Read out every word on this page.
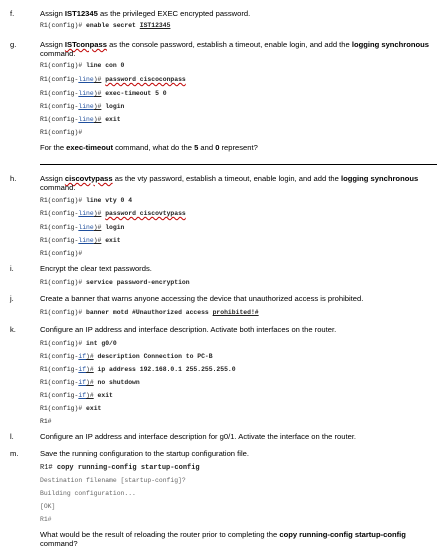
f.	Assign IST12345 as the privileged EXEC encrypted password.
R1(config)# enable secret IST12345
g.	Assign ISTconpass as the console password, establish a timeout, enable login, and add the logging synchronous command.
R1(config)# line con 0
R1(config-line)# password ciscoconpass
R1(config-line)# exec-timeout 5 0
R1(config-line)# login
R1(config-line)# exit
R1(config)#
For the exec-timeout command, what do the 5 and 0 represent?
h.	Assign ciscovtypass as the vty password, establish a timeout, enable login, and add the logging synchronous command.
R1(config)# line vty 0 4
R1(config-line)# password ciscovtypass
R1(config-line)# login
R1(config-line)# exit
R1(config)#
i.	Encrypt the clear text passwords.
R1(config)# service password-encryption
j.	Create a banner that warns anyone accessing the device that unauthorized access is prohibited.
R1(config)# banner motd #Unauthorized access prohibited!#
k.	Configure an IP address and interface description. Activate both interfaces on the router.
R1(config)# int g0/0
R1(config-if)# description Connection to PC-B
R1(config-if)# ip address 192.168.0.1 255.255.255.0
R1(config-if)# no shutdown
R1(config-if)# exit
R1(config)# exit
R1#
l.	Configure an IP address and interface description for g0/1. Activate the interface on the router.
m.	Save the running configuration to the startup configuration file.
R1# copy running-config startup-config
Destination filename [startup-config]?
Building configuration...
[OK]
R1#
What would be the result of reloading the router prior to completing the copy running-config startup-config command?
